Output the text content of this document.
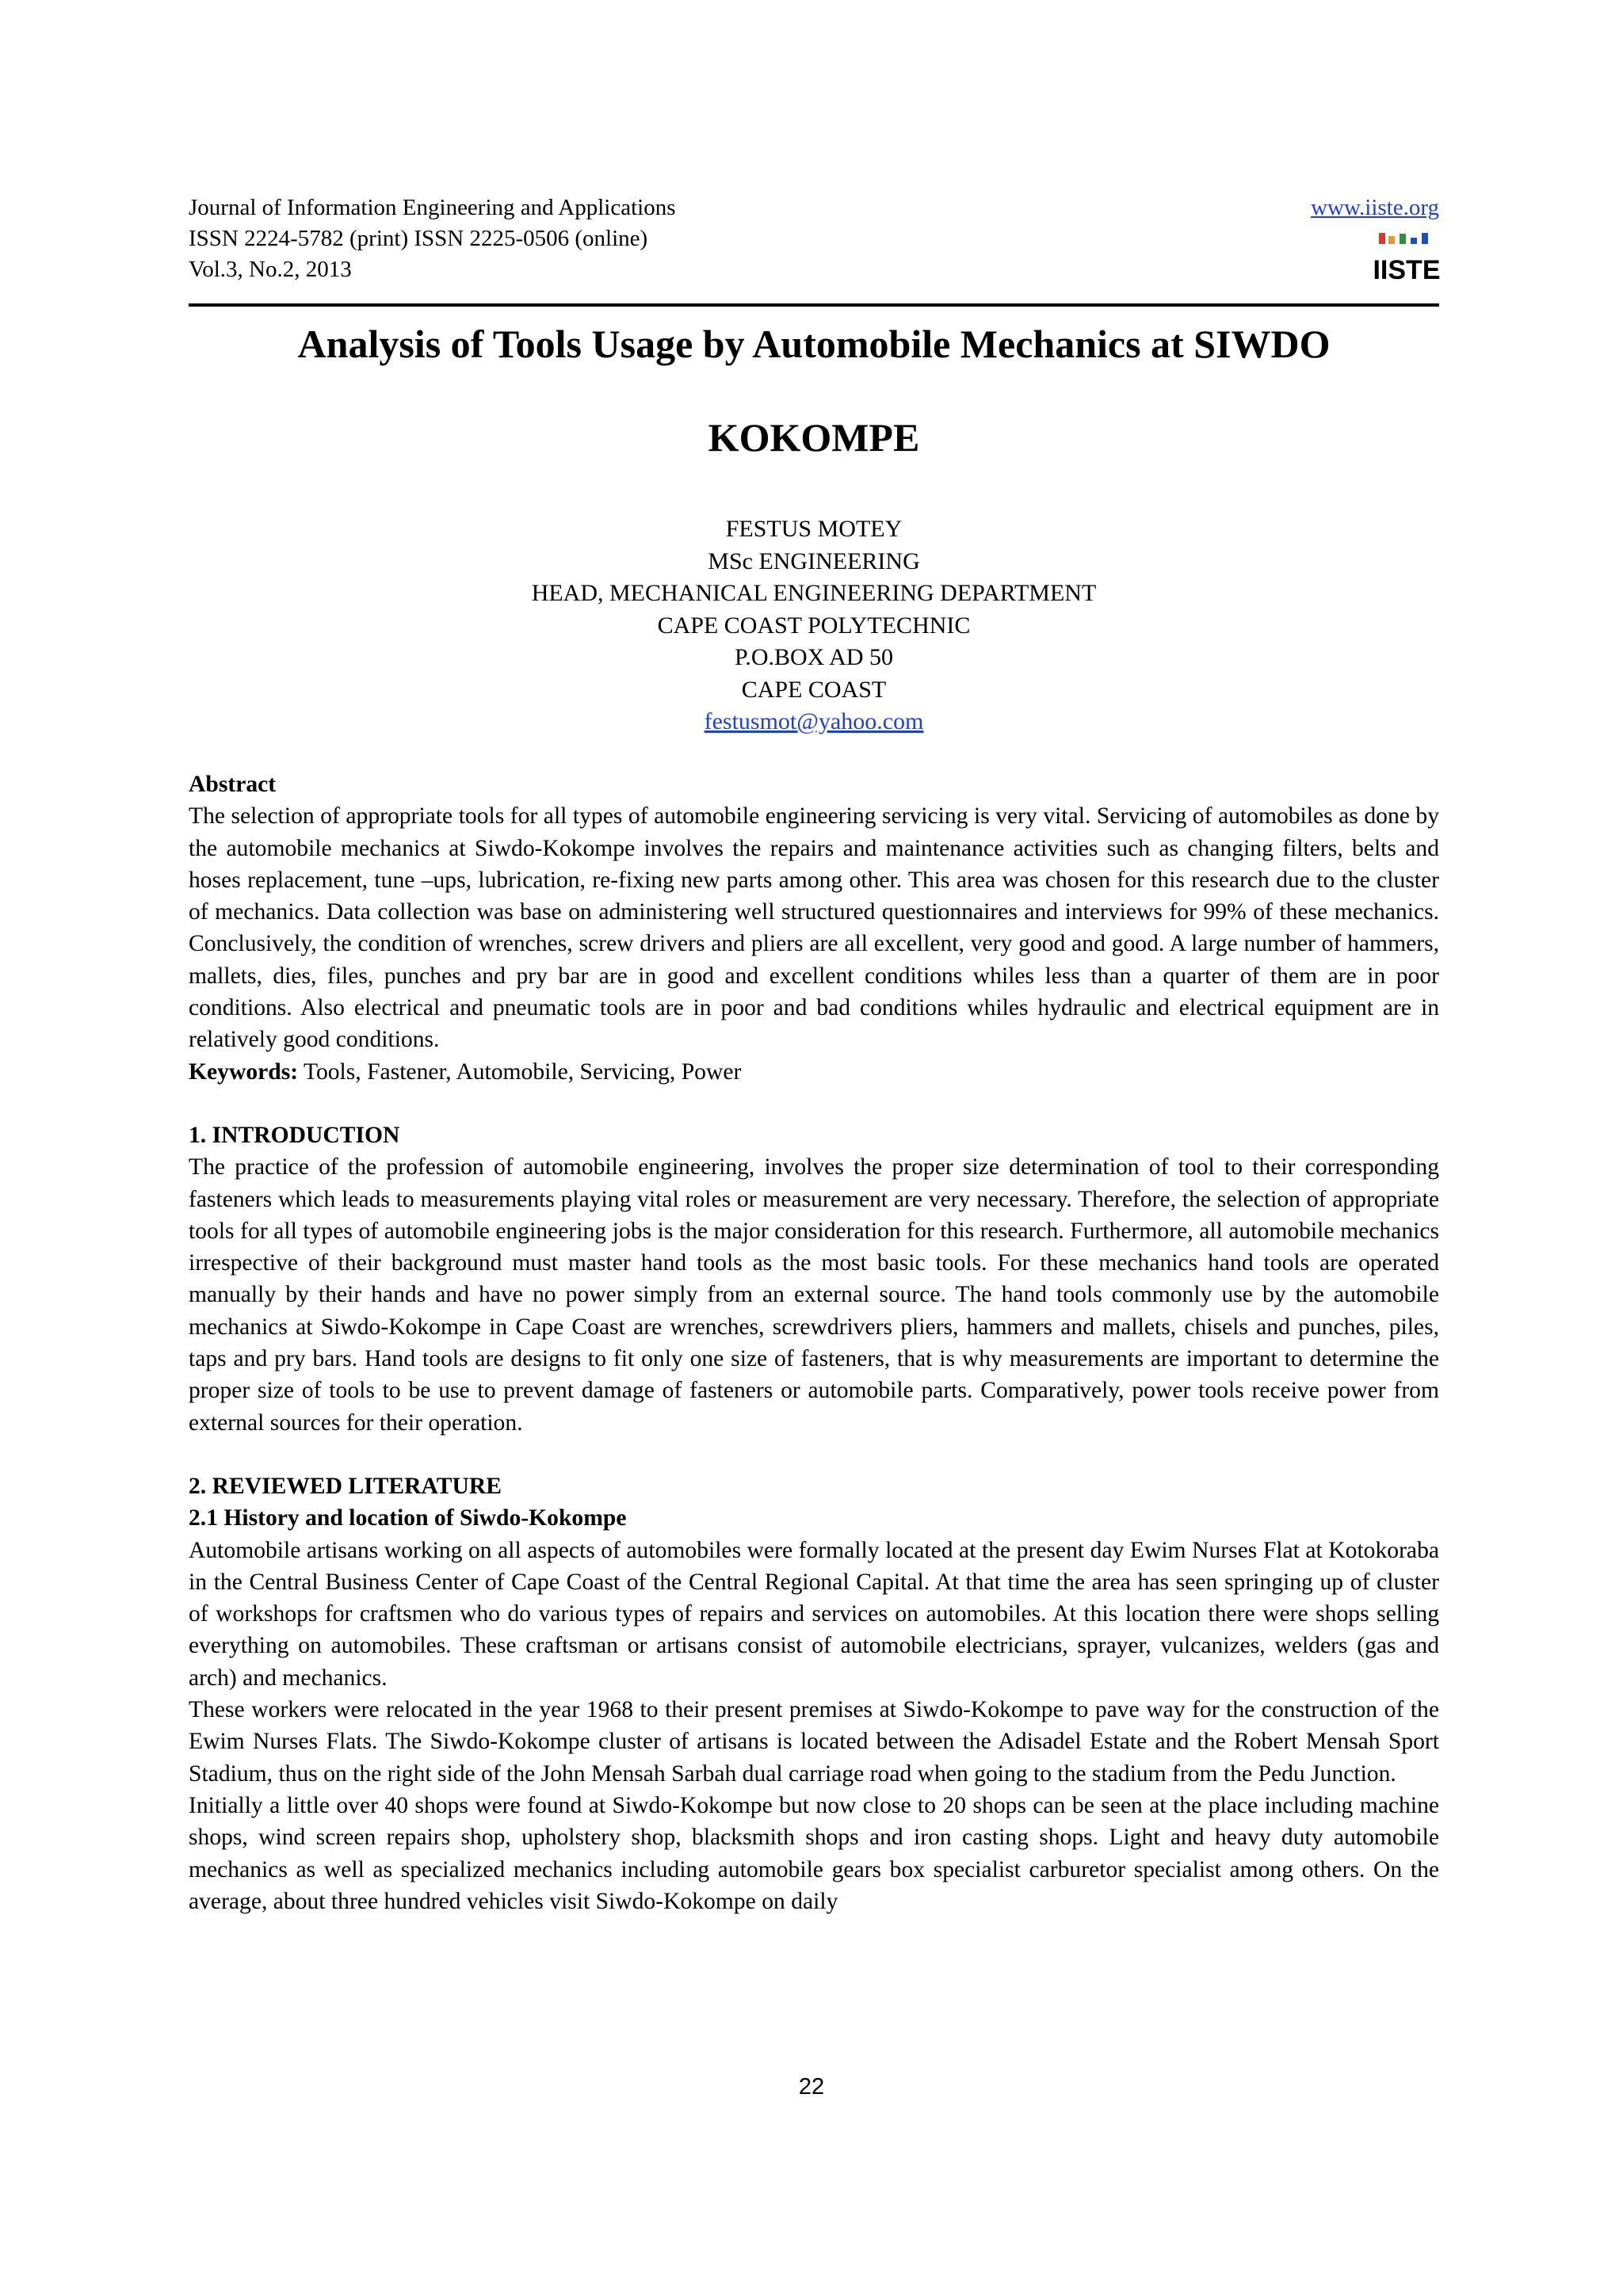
Journal of Information Engineering and Applications
ISSN 2224-5782 (print) ISSN 2225-0506 (online)
Vol.3, No.2, 2013
www.iiste.org
IISTE
Analysis of Tools Usage by Automobile Mechanics at SIWDO
KOKOMPE
FESTUS MOTEY
MSc ENGINEERING
HEAD, MECHANICAL ENGINEERING DEPARTMENT
CAPE COAST POLYTECHNIC
P.O.BOX AD 50
CAPE COAST
festusmot@yahoo.com

Abstract

The selection of appropriate tools for all types of automobile engineering servicing is very vital. Servicing of automobiles as done by the automobile mechanics at Siwdo-Kokompe involves the repairs and maintenance activities such as changing filters, belts and hoses replacement, tune –ups, lubrication, re-fixing new parts among other. This area was chosen for this research due to the cluster of mechanics. Data collection was base on administering well structured questionnaires and interviews for 99% of these mechanics. Conclusively, the condition of wrenches, screw drivers and pliers are all excellent, very good and good. A large number of hammers, mallets, dies, files, punches and pry bar are in good and excellent conditions whiles less than a quarter of them are in poor conditions. Also electrical and pneumatic tools are in poor and bad conditions whiles hydraulic and electrical equipment are in relatively good conditions.

Keywords: Tools, Fastener, Automobile, Servicing, Power

1. INTRODUCTION

The practice of the profession of automobile engineering, involves the proper size determination of tool to their corresponding fasteners which leads to measurements playing vital roles or measurement are very necessary. Therefore, the selection of appropriate tools for all types of automobile engineering jobs is the major consideration for this research. Furthermore, all automobile mechanics irrespective of their background must master hand tools as the most basic tools. For these mechanics hand tools are operated manually by their hands and have no power simply from an external source. The hand tools commonly use by the automobile mechanics at Siwdo-Kokompe in Cape Coast are wrenches, screwdrivers pliers, hammers and mallets, chisels and punches, piles, taps and pry bars. Hand tools are designs to fit only one size of fasteners, that is why measurements are important to determine the proper size of tools to be use to prevent damage of fasteners or automobile parts. Comparatively, power tools receive power from external sources for their operation.

2. REVIEWED LITERATURE

2.1 History and location of Siwdo-Kokompe

Automobile artisans working on all aspects of automobiles were formally located at the present day Ewim Nurses Flat at Kotokoraba in the Central Business Center of Cape Coast of the Central Regional Capital. At that time the area has seen springing up of cluster of workshops for craftsmen who do various types of repairs and services on automobiles. At this location there were shops selling everything on automobiles. These craftsman or artisans consist of automobile electricians, sprayer, vulcanizes, welders (gas and arch) and mechanics.

These workers were relocated in the year 1968 to their present premises at Siwdo-Kokompe to pave way for the construction of the Ewim Nurses Flats. The Siwdo-Kokompe cluster of artisans is located between the Adisadel Estate and the Robert Mensah Sport Stadium, thus on the right side of the John Mensah Sarbah dual carriage road when going to the stadium from the Pedu Junction.

Initially a little over 40 shops were found at Siwdo-Kokompe but now close to 20 shops can be seen at the place including machine shops, wind screen repairs shop, upholstery shop, blacksmith shops and iron casting shops. Light and heavy duty automobile mechanics as well as specialized mechanics including automobile gears box specialist carburetor specialist among others. On the average, about three hundred vehicles visit Siwdo-Kokompe on daily

22
